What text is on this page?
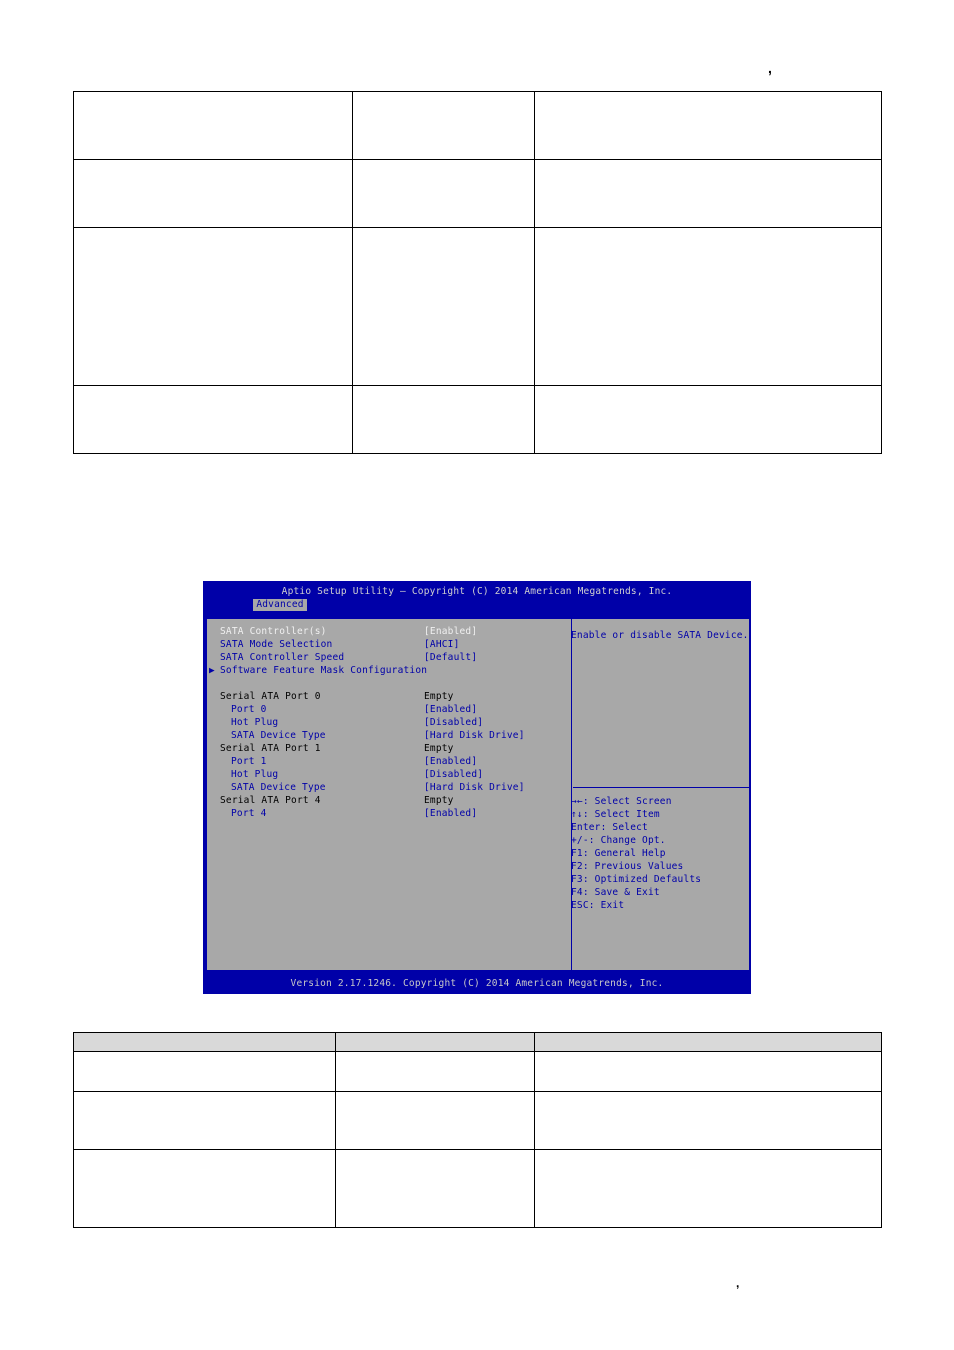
,

Aptio Setup Utility – Copyright (C) 2014 American Megatrends, Inc.
Advanced
SATA Controller(s)	[Enabled]
SATA Mode Selection	[AHCI]
SATA Controller Speed	[Default]
▶ Software Feature Mask Configuration
Serial ATA Port 0	Empty
Port 0	[Enabled]
Hot Plug	[Disabled]
SATA Device Type	[Hard Disk Drive]
Serial ATA Port 1	Empty
Port 1	[Enabled]
Hot Plug	[Disabled]
SATA Device Type	[Hard Disk Drive]
Serial ATA Port 4	Empty
Port 4	[Enabled]
Enable or disable SATA Device.
→←: Select Screen
↑↓: Select Item
Enter: Select
+/-: Change Opt.
F1: General Help
F2: Previous Values
F3: Optimized Defaults
F4: Save & Exit
ESC: Exit
Version 2.17.1246. Copyright (C) 2014 American Megatrends, Inc.

,
